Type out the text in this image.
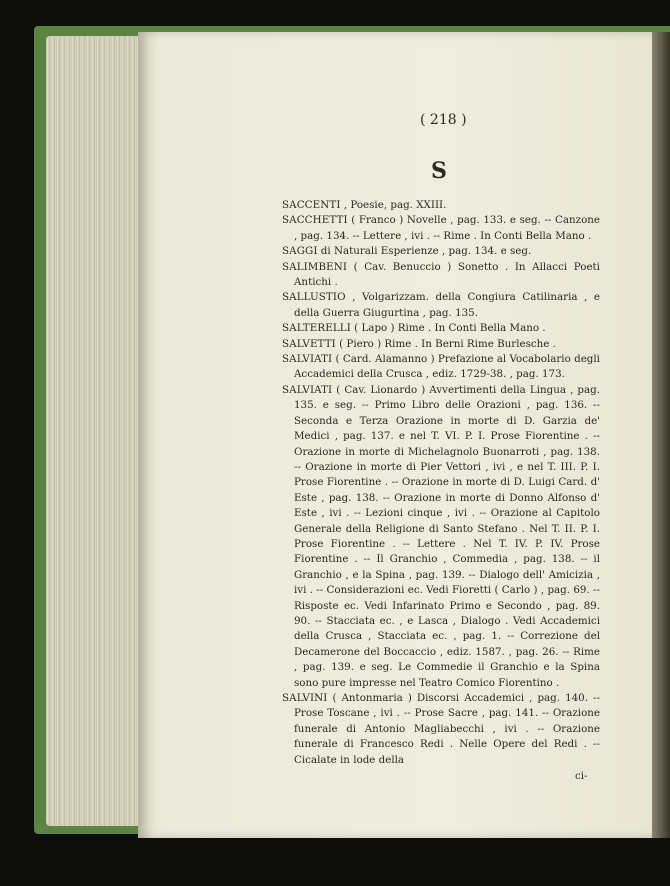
( 218 )
S

SACCENTI , Poesie, pag. XXIII.

SACCHETTI ( Franco ) Novelle , pag. 133. e seg. -- Canzone , pag. 134. -- Lettere , ivi . -- Rime . In Conti Bella Mano .

SAGGI di Naturali Esperienze , pag. 134. e seg.

SALIMBENI ( Cav. Benuccio ) Sonetto . In Allacci Poeti Antichi .

SALLUSTIO , Volgarizzam. della Congiura Catilinaria , e della Guerra Giugurtina , pag. 135.

SALTERELLI ( Lapo ) Rime . In Conti Bella Mano .

SALVETTI ( Piero ) Rime . In Berni Rime Burlesche .

SALVIATI ( Card. Alamanno ) Prefazione al Vocabolario degli Accademici della Crusca , ediz. 1729-38. , pag. 173.

SALVIATI ( Cav. Lionardo ) Avvertimenti della Lingua , pag. 135. e seg. -- Primo Libro delle Orazioni , pag. 136. -- Seconda e Terza Orazione in morte di D. Garzia de' Medici , pag. 137. e nel T. VI. P. I. Prose Fiorentine . -- Orazione in morte di Michelagnolo Buonarroti , pag. 138. -- Orazione in morte di Pier Vettori , ivi , e nel T. III. P. I. Prose Fiorentine . -- Orazione in morte di D. Luigi Card. d' Este , pag. 138. -- Orazione in morte di Donno Alfonso d' Este , ivi . -- Lezioni cinque , ivi . -- Orazione al Capitolo Generale della Religione di Santo Stefano . Nel T. II. P. I. Prose Fiorentine . -- Lettere . Nel T. IV. P. IV. Prose Fiorentine . -- Il Granchio , Commedia , pag. 138. -- il Granchio , e la Spina , pag. 139. -- Dialogo dell' Amicizia , ivi . -- Considerazioni ec. Vedi Fioretti ( Carlo ) , pag. 69. -- Risposte ec. Vedi Infarinato Primo e Secondo , pag. 89. 90. -- Stacciata ec. , e Lasca , Dialogo . Vedi Accademici della Crusca , Stacciata ec. , pag. 1. -- Correzione del Decamerone del Boccaccio , ediz. 1587. , pag. 26. -- Rime , pag. 139. e seg. Le Commedie il Granchio e la Spina sono pure impresse nel Teatro Comico Fiorentino .

SALVINI ( Antonmaria ) Discorsi Accademici , pag. 140. -- Prose Toscane , ivi . -- Prose Sacre , pag. 141. -- Orazione funerale di Antonio Magliabecchi , ivi . -- Orazione funerale di Francesco Redi . Nelle Opere del Redi . -- Cicalate in lode della

ci-
